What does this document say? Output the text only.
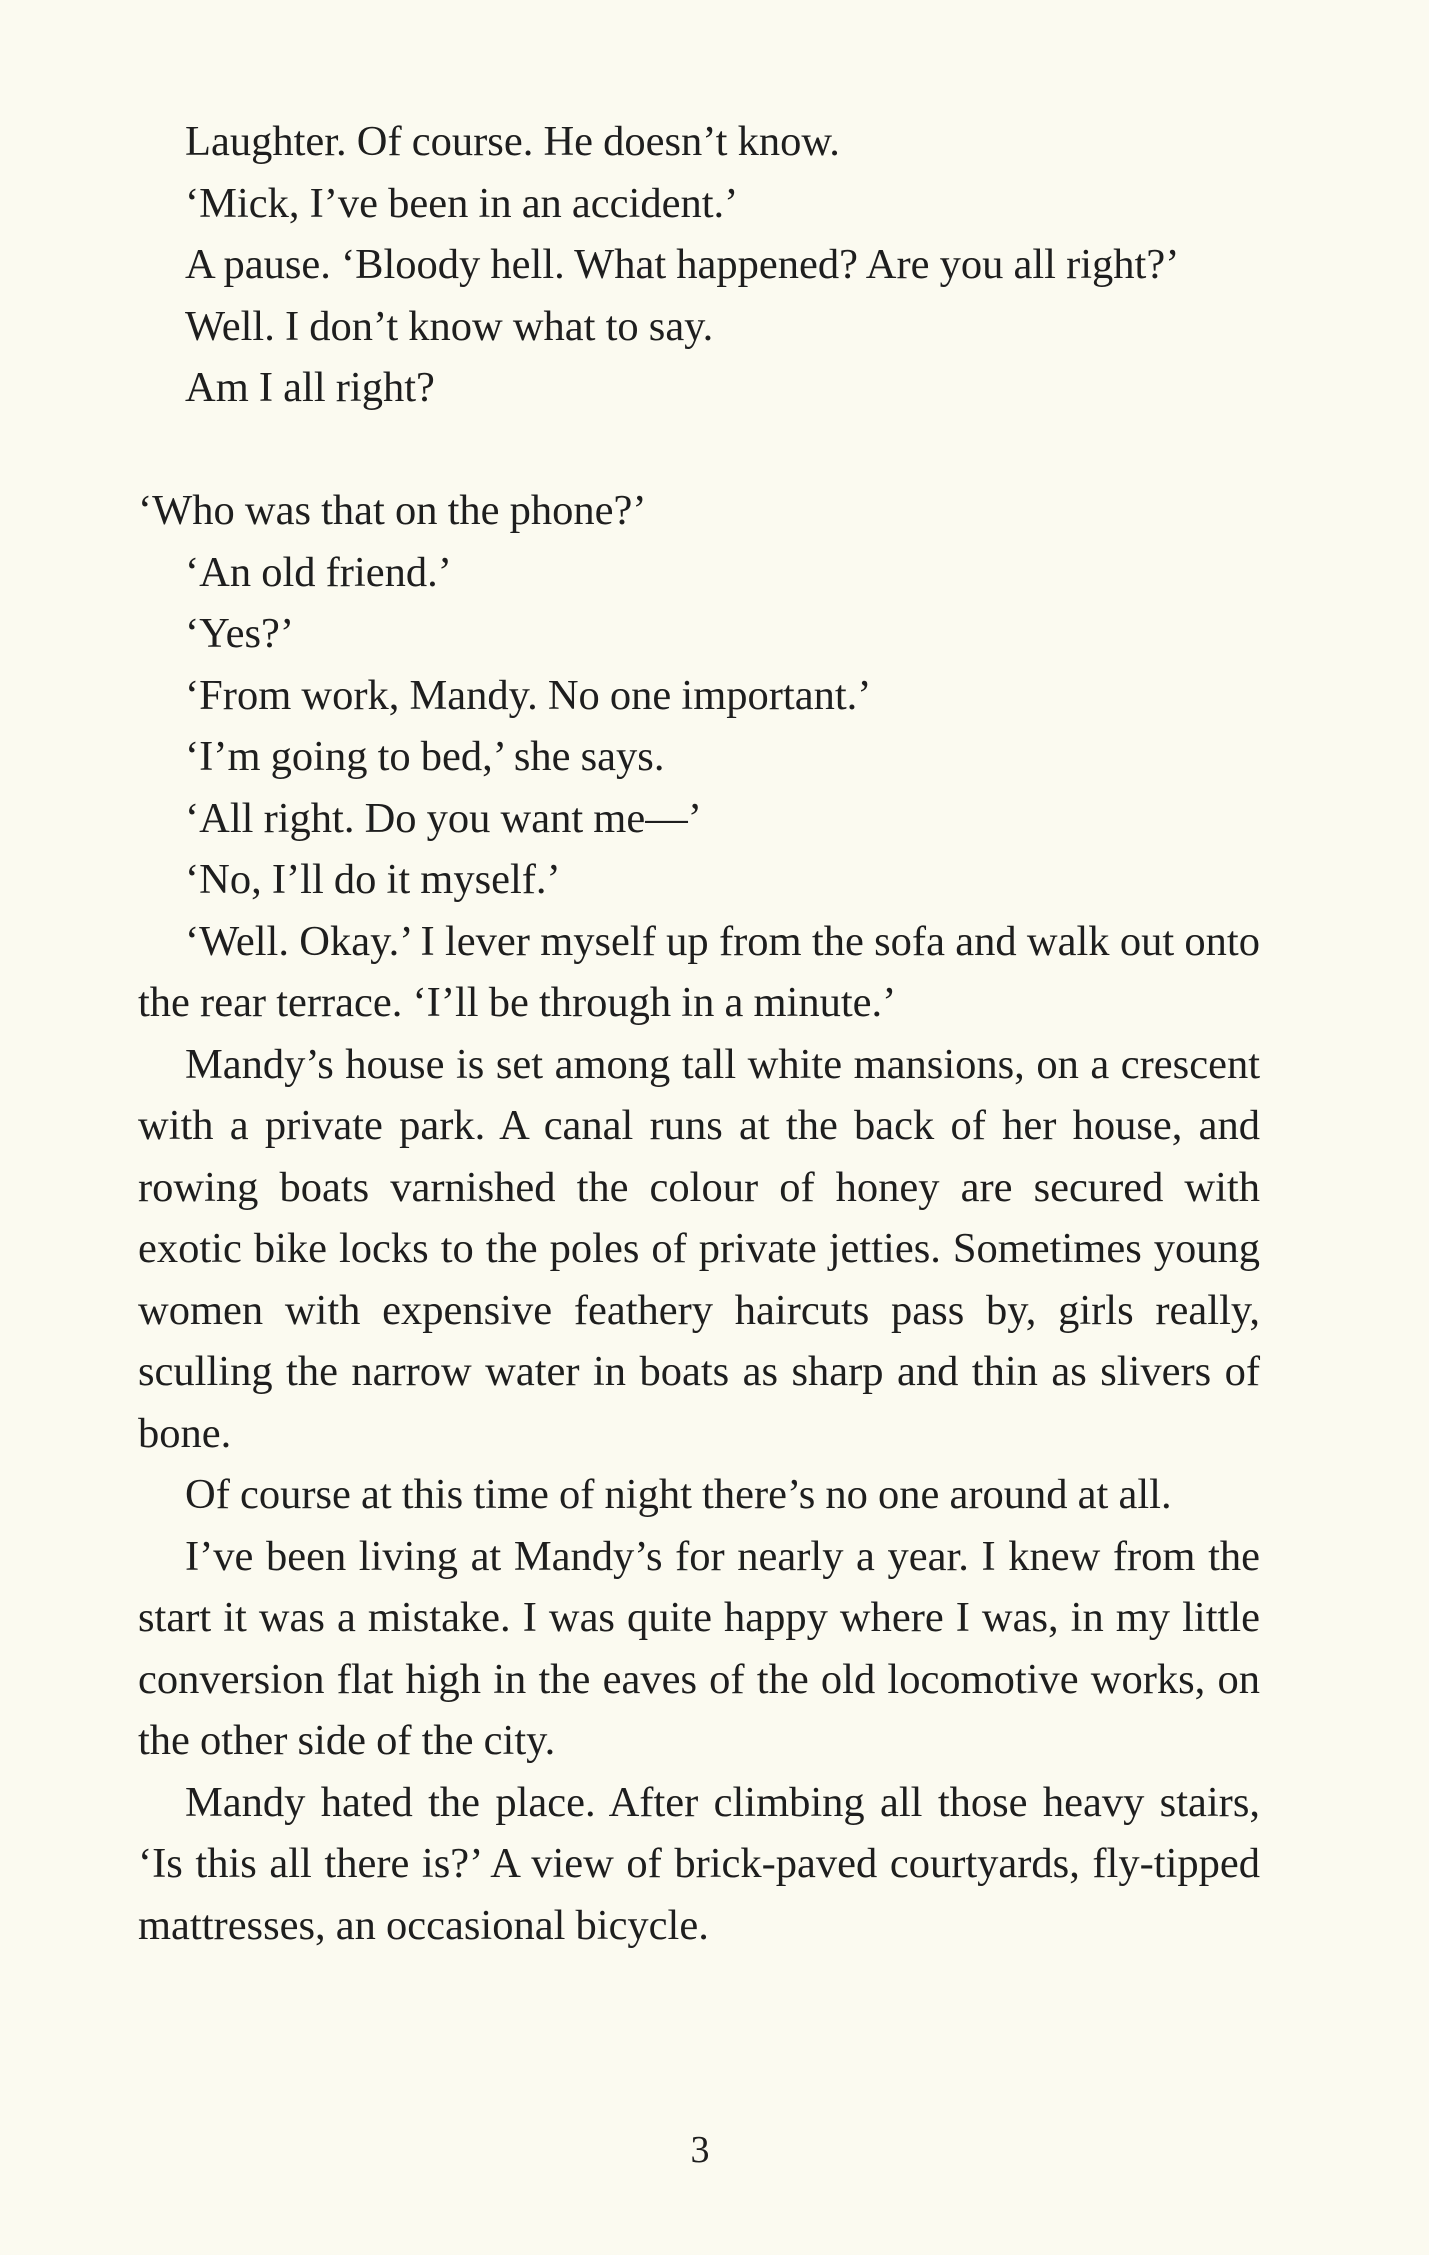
Laughter. Of course. He doesn’t know.

‘Mick, I’ve been in an accident.’

A pause. ‘Bloody hell. What happened? Are you all right?’

Well. I don’t know what to say.

Am I all right?

‘Who was that on the phone?’

‘An old friend.’

‘Yes?’

‘From work, Mandy. No one important.’

‘I’m going to bed,’ she says.

‘All right. Do you want me—’

‘No, I’ll do it myself.’

‘Well. Okay.’ I lever myself up from the sofa and walk out onto the rear terrace. ‘I’ll be through in a minute.’

Mandy’s house is set among tall white mansions, on a crescent with a private park. A canal runs at the back of her house, and rowing boats varnished the colour of honey are secured with exotic bike locks to the poles of private jetties. Sometimes young women with expensive feathery haircuts pass by, girls really, sculling the narrow water in boats as sharp and thin as slivers of bone.

Of course at this time of night there’s no one around at all.

I’ve been living at Mandy’s for nearly a year. I knew from the start it was a mistake. I was quite happy where I was, in my little conversion flat high in the eaves of the old locomotive works, on the other side of the city.

Mandy hated the place. After climbing all those heavy stairs, ‘Is this all there is?’ A view of brick-paved courtyards, fly-tipped mattresses, an occasional bicycle.

3
